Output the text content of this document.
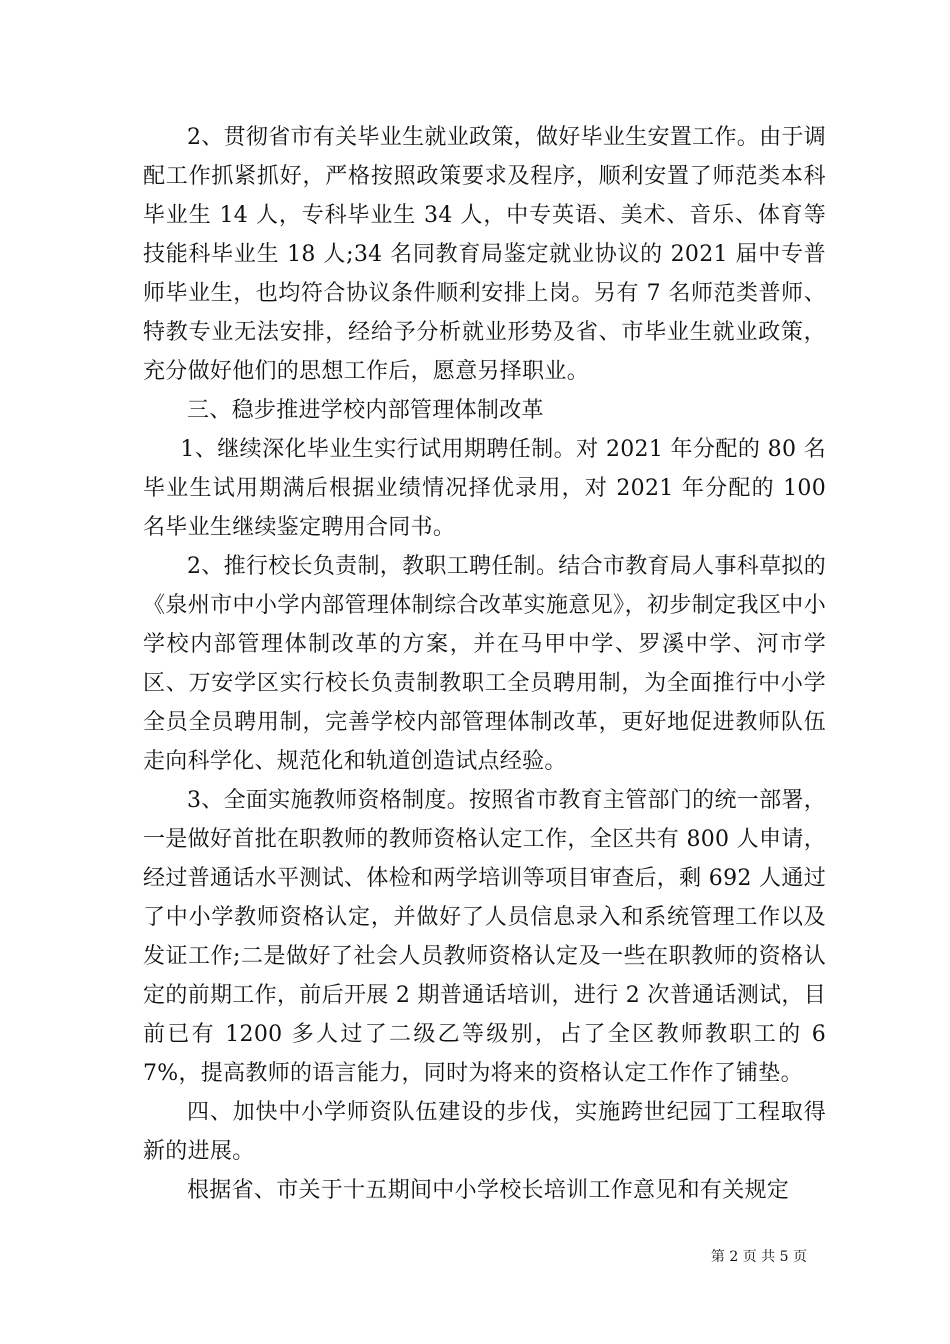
2、贯彻省市有关毕业生就业政策，做好毕业生安置工作。由于调配工作抓紧抓好，严格按照政策要求及程序，顺利安置了师范类本科毕业生 14 人，专科毕业生 34 人，中专英语、美术、音乐、体育等技能科毕业生 18 人;34 名同教育局鉴定就业协议的 2021 届中专普师毕业生，也均符合协议条件顺利安排上岗。另有 7 名师范类普师、特教专业无法安排，经给予分析就业形势及省、市毕业生就业政策，充分做好他们的思想工作后，愿意另择职业。

三、稳步推进学校内部管理体制改革

1、继续深化毕业生实行试用期聘任制。对 2021 年分配的 80 名毕业生试用期满后根据业绩情况择优录用，对 2021 年分配的 100 名毕业生继续鉴定聘用合同书。

2、推行校长负责制，教职工聘任制。结合市教育局人事科草拟的《泉州市中小学内部管理体制综合改革实施意见》，初步制定我区中小学校内部管理体制改革的方案，并在马甲中学、罗溪中学、河市学区、万安学区实行校长负责制教职工全员聘用制，为全面推行中小学全员全员聘用制，完善学校内部管理体制改革，更好地促进教师队伍走向科学化、规范化和轨道创造试点经验。

3、全面实施教师资格制度。按照省市教育主管部门的统一部署，一是做好首批在职教师的教师资格认定工作，全区共有 800 人申请，经过普通话水平测试、体检和两学培训等项目审查后，剩 692 人通过了中小学教师资格认定，并做好了人员信息录入和系统管理工作以及发证工作;二是做好了社会人员教师资格认定及一些在职教师的资格认定的前期工作，前后开展 2 期普通话培训，进行 2 次普通话测试，目前已有 1200 多人过了二级乙等级别，占了全区教师教职工的 67%，提高教师的语言能力，同时为将来的资格认定工作作了铺垫。

四、加快中小学师资队伍建设的步伐，实施跨世纪园丁工程取得新的进展。

根据省、市关于十五期间中小学校长培训工作意见和有关规定

第 2 页 共 5 页
